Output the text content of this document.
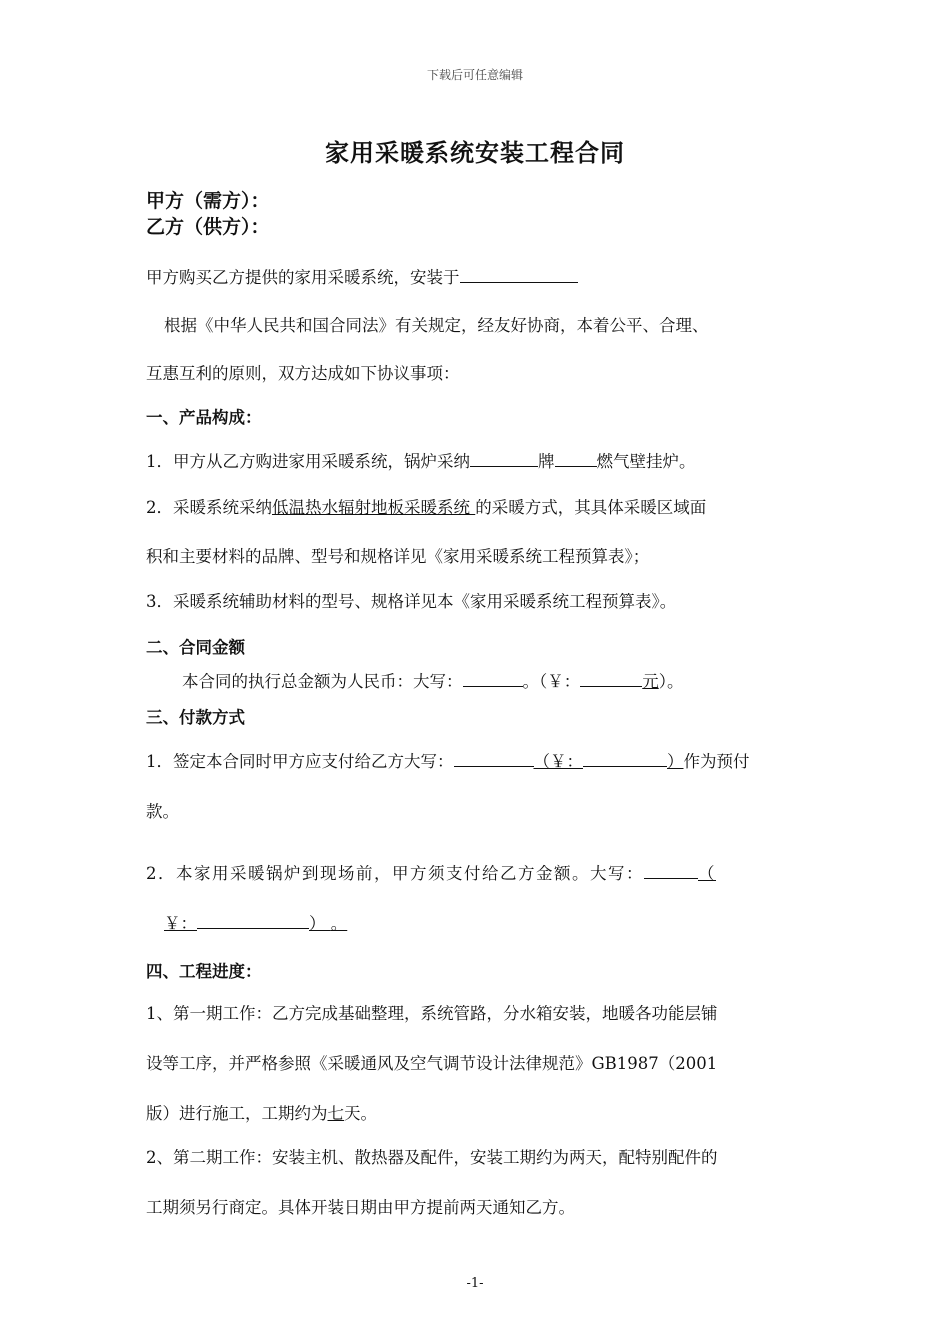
下载后可任意编辑
家用采暖系统安装工程合同
甲方（需方）：
乙方（供方）：
甲方购买乙方提供的家用采暖系统，安装于
根据《中华人民共和国合同法》有关规定，经友好协商，本着公平、合理、
互惠互利的原则，双方达成如下协议事项：
一、产品构成：
1．甲方从乙方购进家用采暖系统，锅炉采纳	牌	燃气壁挂炉。
2．采暖系统采纳低温热水辐射地板采暖系统 的采暖方式，其具体采暖区域面
积和主要材料的品牌、型号和规格详见《家用采暖系统工程预算表》；
3．采暖系统辅助材料的型号、规格详见本《家用采暖系统工程预算表》。
二、合同金额
本合同的执行总金额为人民币：大写：	。（￥：	元）。
三、付款方式
1．签定本合同时甲方应支付给乙方大写：	（￥：	）作为预付
款。
2．本家用采暖锅炉到现场前，甲方须支付给乙方金额。大写：	（
￥：	） 。
四、工程进度：
1、第一期工作：乙方完成基础整理，系统管路，分水箱安装，地暖各功能层铺
设等工序，并严格参照《采暖通风及空气调节设计法律规范》GB1987（2001
版）进行施工，工期约为七天。
2、第二期工作：安装主机、散热器及配件，安装工期约为两天，配特别配件的
工期须另行商定。具体开装日期由甲方提前两天通知乙方。
-1-
